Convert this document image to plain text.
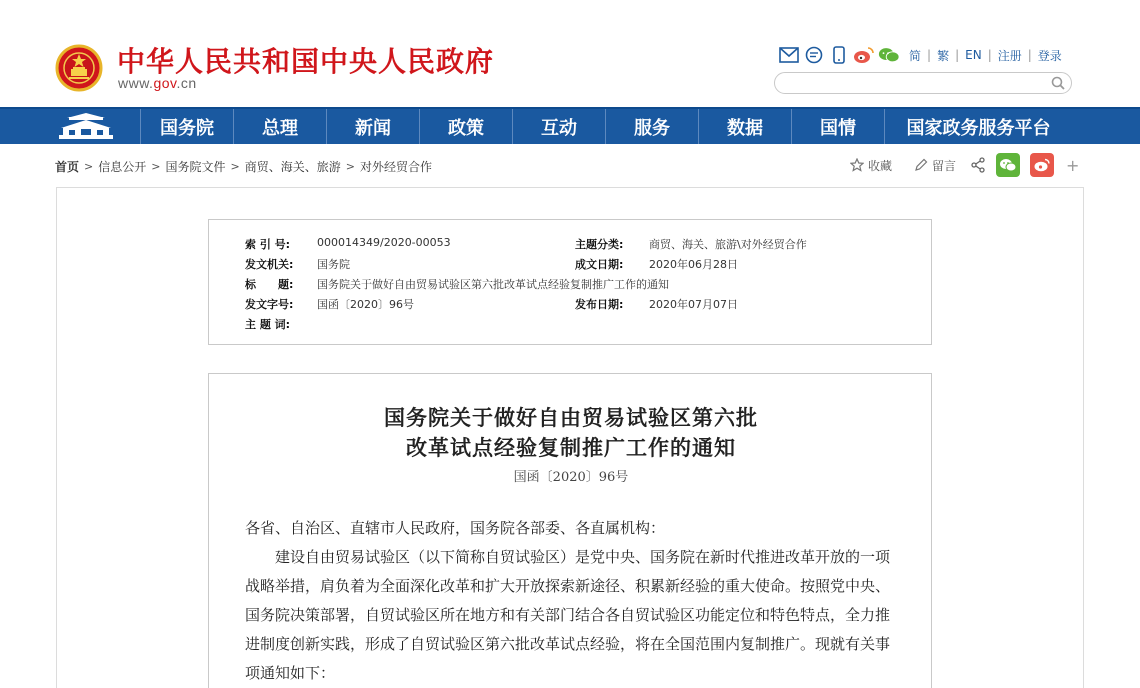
中华人民共和国中央人民政府
www.gov.cn
简 | 繁 | EN | 注册 | 登录
国务院	总理	新闻	政策	互动	服务	数据	国情	国家政务服务平台
首页 > 信息公开 > 国务院文件 > 商贸、海关、旅游 > 对外经贸合作	收藏	留言	+
索 引 号:	000014349/2020-00053	主题分类:	商贸、海关、旅游\对外经贸合作
发文机关:	国务院	成文日期:	2020年06月28日
标　　题:	国务院关于做好自由贸易试验区第六批改革试点经验复制推广工作的通知
发文字号:	国函〔2020〕96号	发布日期:	2020年07月07日
主 题 词:
国务院关于做好自由贸易试验区第六批
改革试点经验复制推广工作的通知
国函〔2020〕96号

各省、自治区、直辖市人民政府，国务院各部委、各直属机构：

建设自由贸易试验区（以下简称自贸试验区）是党中央、国务院在新时代推进改革开放的一项战略举措，肩负着为全面深化改革和扩大开放探索新途径、积累新经验的重大使命。按照党中央、国务院决策部署，自贸试验区所在地方和有关部门结合各自贸试验区功能定位和特色特点，全力推进制度创新实践，形成了自贸试验区第六批改革试点经验，将在全国范围内复制推广。现就有关事项通知如下：
